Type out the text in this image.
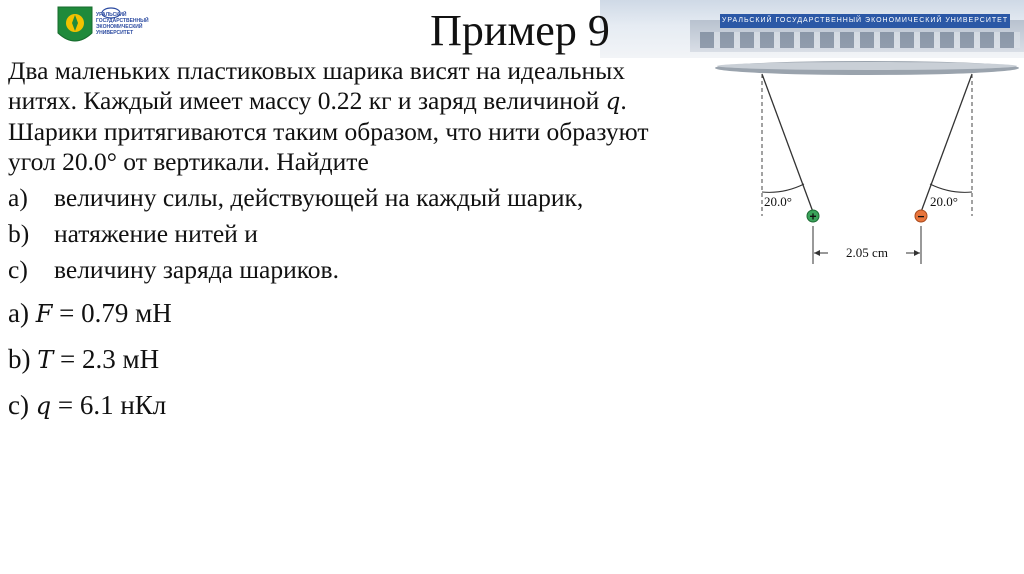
УРАЛЬСКИЙ ГОСУДАРСТВЕННЫЙ ЭКОНОМИЧЕСКИЙ УНИВЕРСИТЕТ
УРАЛЬСКИЙ ГОСУДАРСТВЕННЫЙ ЭКОНОМИЧЕСКИЙ УНИВЕРСИТЕТ	Пример 9

Два маленьких пластиковых шарика висят на идеальных нитях. Каждый имеет массу 0.22 кг и заряд величиной q. Шарики притягиваются таким образом, что нити образуют угол 20.0° от вертикали. Найдите

a)	величину силы, действующей на каждый шарик,
b) натяжение нитей и
c)	величину заряда шариков.
a) F = 0.79 мН
b) T = 2.3 мН
c) q = 6.1 нКл
20.0°	20.0°
+	−
2.05 cm
